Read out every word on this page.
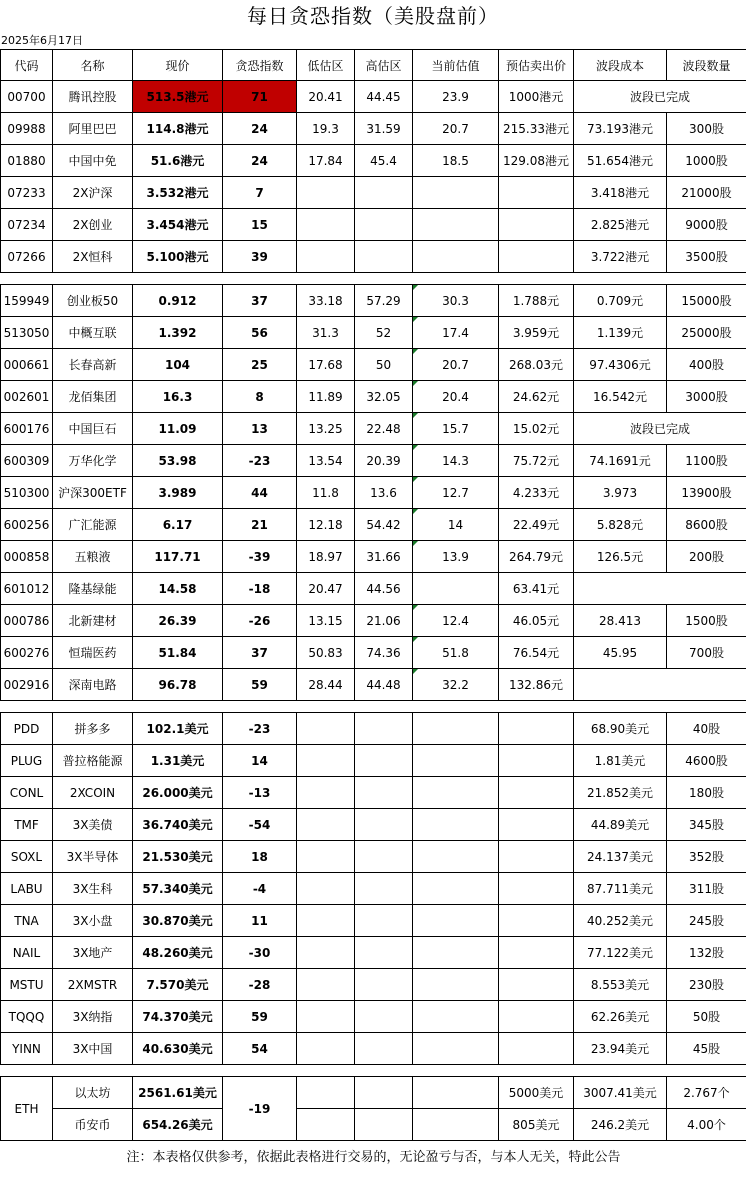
每日贪恐指数（美股盘前）
2025年6月17日
代码	名称	现价	贪恐指数	低估区	高估区	当前估值	预估卖出价	波段成本	波段数量
00700	腾讯控股	513.5港元	71	20.41	44.45	23.9	1000港元	波段已完成	
09988	阿里巴巴	114.8港元	24	19.3	31.59	20.7	215.33港元	73.193港元	300股
01880	中国中免	51.6港元	24	17.84	45.4	18.5	129.08港元	51.654港元	1000股
07233	2X沪深	3.532港元	7					3.418港元	21000股
07234	2X创业	3.454港元	15					2.825港元	9000股
07266	2X恒科	5.100港元	39					3.722港元	3500股

159949	创业板50	0.912	37	33.18	57.29	30.3	1.788元	0.709元	15000股
513050	中概互联	1.392	56	31.3	52	17.4	3.959元	1.139元	25000股
000661	长春高新	104	25	17.68	50	20.7	268.03元	97.4306元	400股
002601	龙佰集团	16.3	8	11.89	32.05	20.4	24.62元	16.542元	3000股
600176	中国巨石	11.09	13	13.25	22.48	15.7	15.02元	波段已完成	
600309	万华化学	53.98	-23	13.54	20.39	14.3	75.72元	74.1691元	1100股
510300	沪深300ETF	3.989	44	11.8	13.6	12.7	4.233元	3.973	13900股
600256	广汇能源	6.17	21	12.18	54.42	14	22.49元	5.828元	8600股
000858	五粮液	117.71	-39	18.97	31.66	13.9	264.79元	126.5元	200股
601012	隆基绿能	14.58	-18	20.47	44.56		63.41元		
000786	北新建材	26.39	-26	13.15	21.06	12.4	46.05元	28.413	1500股
600276	恒瑞医药	51.84	37	50.83	74.36	51.8	76.54元	45.95	700股
002916	深南电路	96.78	59	28.44	44.48	32.2	132.86元		

PDD	拼多多	102.1美元	-23					68.90美元	40股
PLUG	普拉格能源	1.31美元	14					1.81美元	4600股
CONL	2XCOIN	26.000美元	-13					21.852美元	180股
TMF	3X美债	36.740美元	-54					44.89美元	345股
SOXL	3X半导体	21.530美元	18					24.137美元	352股
LABU	3X生科	57.340美元	-4					87.711美元	311股
TNA	3X小盘	30.870美元	11					40.252美元	245股
NAIL	3X地产	48.260美元	-30					77.122美元	132股
MSTU	2XMSTR	7.570美元	-28					8.553美元	230股
TQQQ	3X纳指	74.370美元	59					62.26美元	50股
YINN	3X中国	40.630美元	54					23.94美元	45股

ETH	以太坊	2561.61美元	-19				5000美元	3007.41美元	2.767个
	币安币	654.26美元					805美元	246.2美元	4.00个
注：本表格仅供参考，依据此表格进行交易的，无论盈亏与否，与本人无关，特此公告									
